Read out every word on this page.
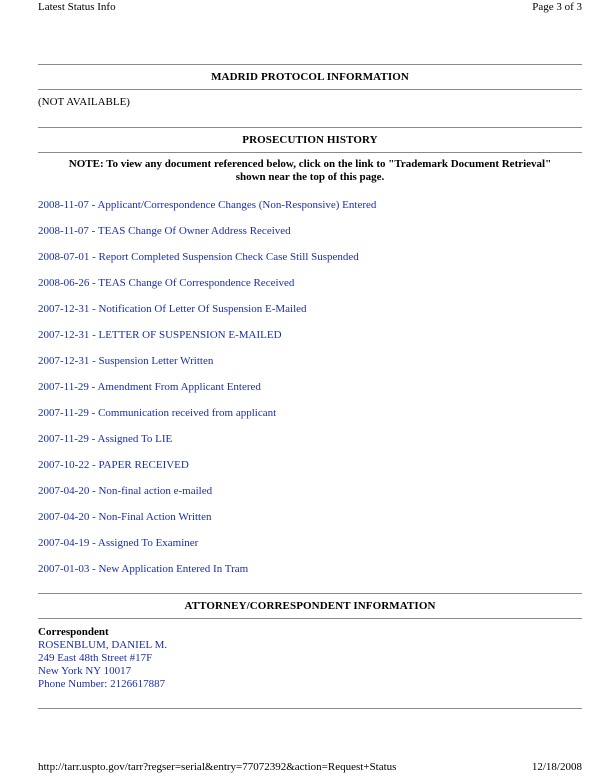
Latest Status Info	Page 3 of 3
MADRID PROTOCOL INFORMATION
(NOT AVAILABLE)
PROSECUTION HISTORY
NOTE: To view any document referenced below, click on the link to "Trademark Document Retrieval"
shown near the top of this page.
2008-11-07 - Applicant/Correspondence Changes (Non-Responsive) Entered
2008-11-07 - TEAS Change Of Owner Address Received
2008-07-01 - Report Completed Suspension Check Case Still Suspended
2008-06-26 - TEAS Change Of Correspondence Received
2007-12-31 - Notification Of Letter Of Suspension E-Mailed
2007-12-31 - LETTER OF SUSPENSION E-MAILED
2007-12-31 - Suspension Letter Written
2007-11-29 - Amendment From Applicant Entered
2007-11-29 - Communication received from applicant
2007-11-29 - Assigned To LIE
2007-10-22 - PAPER RECEIVED
2007-04-20 - Non-final action e-mailed
2007-04-20 - Non-Final Action Written
2007-04-19 - Assigned To Examiner
2007-01-03 - New Application Entered In Tram
ATTORNEY/CORRESPONDENT INFORMATION
Correspondent
ROSENBLUM, DANIEL M.
249 East 48th Street #17F
New York NY 10017
Phone Number: 2126617887
http://tarr.uspto.gov/tarr?regser=serial&entry=77072392&action=Request+Status	12/18/2008
